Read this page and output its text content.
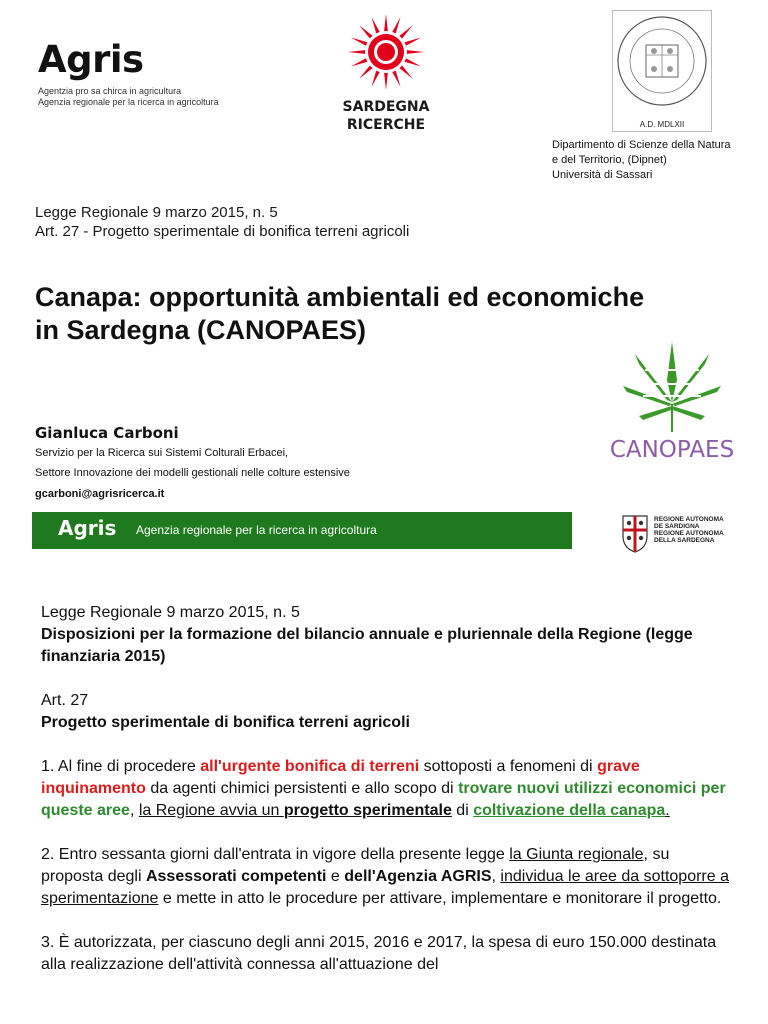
Agris
Agentzia pro sa chirca in agricultura
Agenzia regionale per la ricerca in agricoltura	SARDEGNA
RICERCHE	A.D. MDLXII
Dipartimento di Scienze della Natura
e del Territorio, (Dipnet)
Università di Sassari
Legge Regionale 9 marzo 2015, n. 5
Art. 27 - Progetto sperimentale di bonifica terreni agricoli
Canapa: opportunità ambientali ed economiche
in Sardegna (CANOPAES)
CANOPAES
Gianluca Carboni
Servizio per la Ricerca sui Sistemi Colturali Erbacei,
Settore Innovazione dei modelli gestionali nelle colture estensive
gcarboni@agrisricerca.it
Agris Agenzia regionale per la ricerca in agricoltura
REGIONE AUTONOMA
DE SARDIGNA
REGIONE AUTONOMA
DELLA SARDEGNA

Legge Regionale 9 marzo 2015, n. 5

Disposizioni per la formazione del bilancio annuale e pluriennale della Regione (legge finanziaria 2015)

Art. 27

Progetto sperimentale di bonifica terreni agricoli

1. Al fine di procedere all'urgente bonifica di terreni sottoposti a fenomeni di grave inquinamento da agenti chimici persistenti e allo scopo di trovare nuovi utilizzi economici per queste aree, la Regione avvia un progetto sperimentale di coltivazione della canapa.

2. Entro sessanta giorni dall'entrata in vigore della presente legge la Giunta regionale, su proposta degli Assessorati competenti e dell'Agenzia AGRIS, individua le aree da sottoporre a sperimentazione e mette in atto le procedure per attivare, implementare e monitorare il progetto.

3. È autorizzata, per ciascuno degli anni 2015, 2016 e 2017, la spesa di euro 150.000 destinata alla realizzazione dell'attività connessa all'attuazione del
